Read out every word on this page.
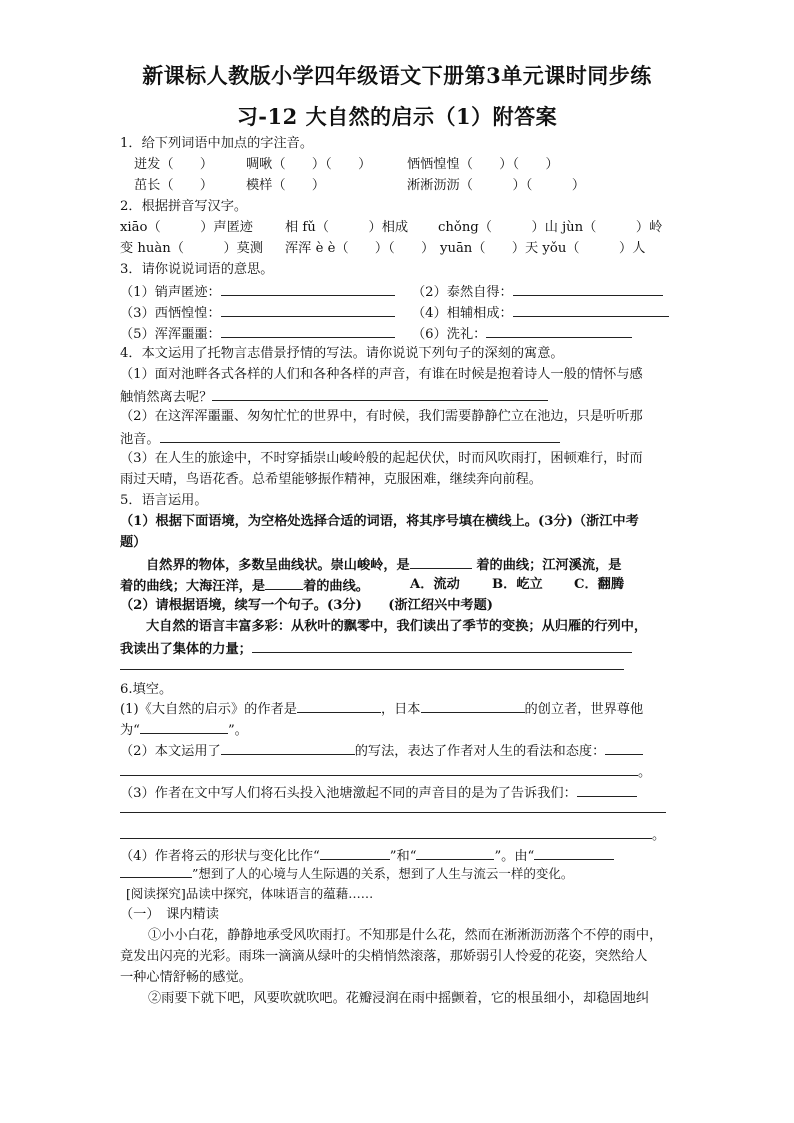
新课标人教版小学四年级语文下册第3单元课时同步练
习-12 大自然的启示（1）附答案
1．给下列词语中加点的字注音。
迸发（　　） 啁啾（　　）（　　）	恓恓惶惶（　　）（　　）
茁长（　　） 模样（　　）	淅淅沥沥（　　　）（　　　）
2．根据拼音写汉字。
xiāo（　　　）声匿迹 相 fǔ（　　　）相成 chǒng（　　　）山 jùn（　　　）岭
变 huàn（　　　）莫测 浑浑 è è（　　）（　　） yuān（　　）天 yǒu（　　　）人
3．请你说说词语的意思。
（1）销声匿迹：	（2）泰然自得：
（3）西恓惶惶：	（4）相辅相成：
（5）浑浑噩噩：	（6）洗礼：
4．本文运用了托物言志借景抒情的写法。请你说说下列句子的深刻的寓意。
（1）面对池畔各式各样的人们和各种各样的声音，有谁在时候是抱着诗人一般的情怀与感
触悄然离去呢？
（2）在这浑浑噩噩、匆匆忙忙的世界中，有时候，我们需要静静伫立在池边，只是听听那
池音。
（3）在人生的旅途中，不时穿插崇山峻岭般的起起伏伏，时而风吹雨打，困顿难行，时而
雨过天晴，鸟语花香。总希望能够振作精神，克服困难，继续奔向前程。
5．语言运用。
（1）根据下面语境，为空格处选择合适的词语，将其序号填在横线上。(3分)（浙江中考
题）
自然界的物体，多数呈曲线状。崇山峻岭，是	着的曲线；江河溪流，是
着的曲线；大海汪洋，是	着的曲线。	A．流动 B．屹立 C．翻腾
（2）请根据语境，续写一个句子。(3分)　　(浙江绍兴中考题)
大自然的语言丰富多彩：从秋叶的飘零中，我们读出了季节的变换；从归雁的行列中，
我读出了集体的力量；
6.填空。
(1)《大自然的启示》的作者是	，日本	的创立者，世界尊他
为“	”。
（2）本文运用了	的写法，表达了作者对人生的看法和态度：
。
（3）作者在文中写人们将石头投入池塘激起不同的声音目的是为了告诉我们：
。
（4）作者将云的形状与变化比作“	”和“	”。由“
”想到了人的心境与人生际遇的关系，想到了人生与流云一样的变化。
[阅读探究]品读中探究，体味语言的蕴藉……
（一）　课内精读
①小小白花，静静地承受风吹雨打。不知那是什么花，然而在淅淅沥沥落个不停的雨中，
竟发出闪亮的光彩。雨珠一滴滴从绿叶的尖梢悄然滚落，那娇弱引人怜爱的花姿，突然给人
一种心情舒畅的感觉。
②雨要下就下吧，风要吹就吹吧。花瓣浸润在雨中摇颤着，它的根虽细小，却稳固地纠
